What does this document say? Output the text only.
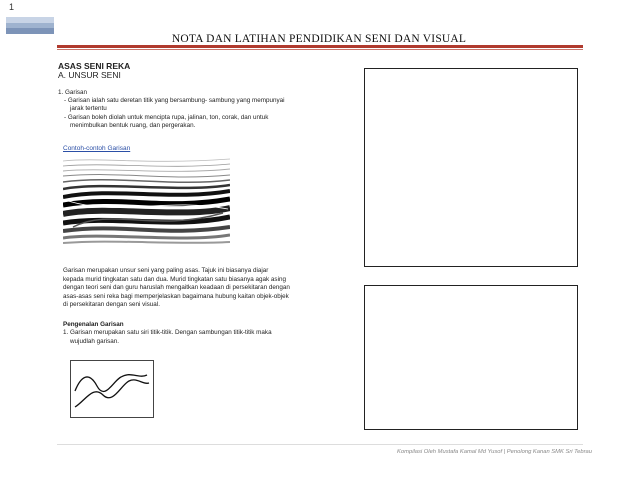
1
NOTA DAN LATIHAN PENDIDIKAN SENI DAN VISUAL
ASAS SENI REKA
A. UNSUR SENI
1. Garisan
- Garisan ialah satu deretan titik yang bersambung- sambung yang mempunyai
jarak tertentu
- Garisan boleh diolah untuk mencipta rupa, jalinan, ton, corak, dan untuk
menimbulkan bentuk ruang, dan pergerakan.
Contoh-contoh Garisan
Garisan merupakan unsur seni yang paling asas. Tajuk ini biasanya diajar
kepada murid tingkatan satu dan dua. Murid tingkatan satu biasanya agak asing
dengan teori seni dan guru haruslah mengaitkan keadaan di persekitaran dengan
asas-asas seni reka bagi memperjelaskan bagaimana hubung kaitan objek-objek
di persekitaran dengan seni visual.
Pengenalan Garisan
1. Garisan merupakan satu siri titik-titik. Dengan sambungan titik-titik maka
wujudlah garisan.
Kompilasi Oleh Mustafa Kamal Md Yusof | Penolong Kanan SMK Sri Tebrau
